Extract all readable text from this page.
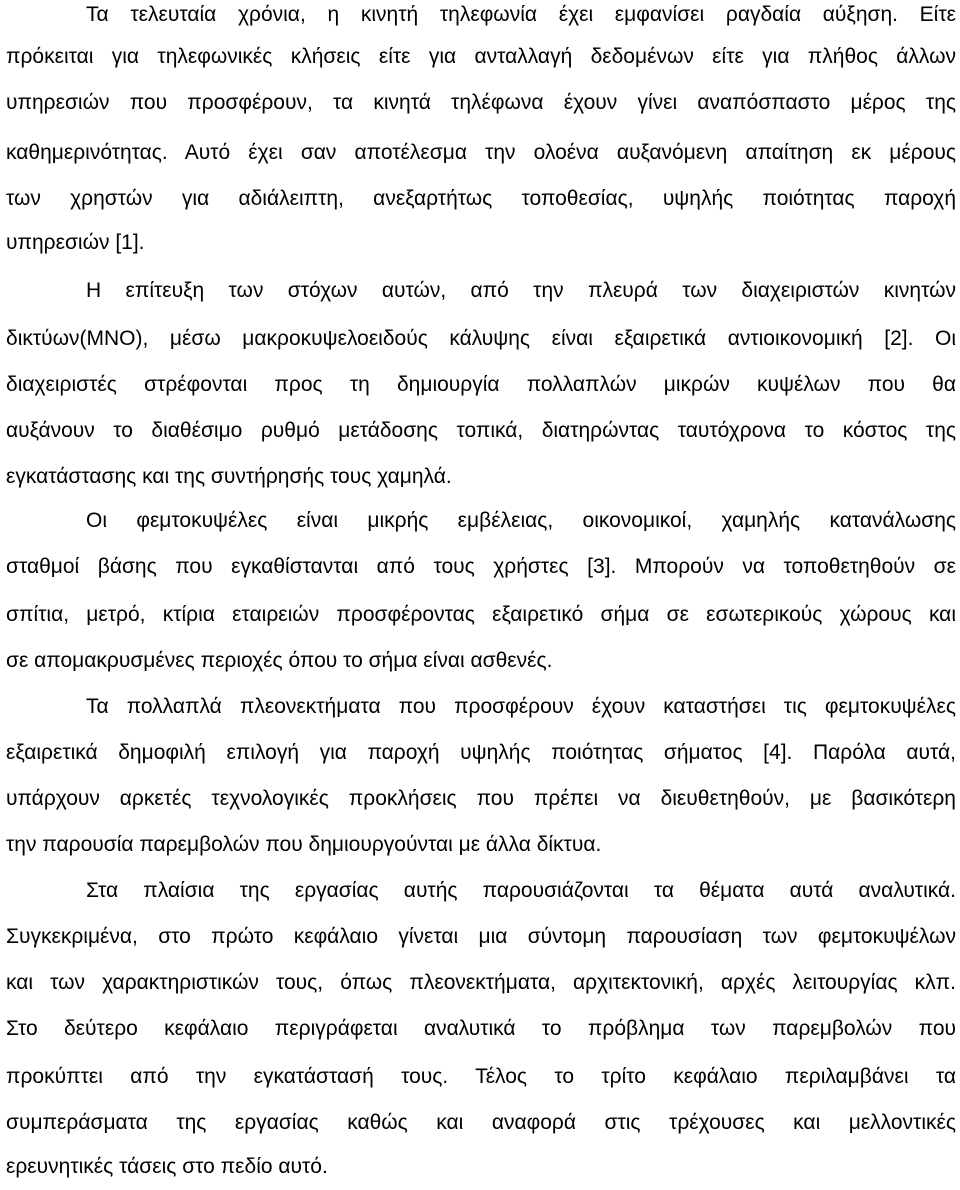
Τα τελευταία χρόνια, η κινητή τηλεφωνία έχει εμφανίσει ραγδαία αύξηση. Είτε
πρόκειται για τηλεφωνικές κλήσεις είτε για ανταλλαγή δεδομένων είτε για πλήθος άλλων
υπηρεσιών που προσφέρουν, τα κινητά τηλέφωνα έχουν γίνει αναπόσπαστο μέρος της
καθημερινότητας. Αυτό έχει σαν αποτέλεσμα την ολοένα αυξανόμενη απαίτηση εκ μέρους
των χρηστών για αδιάλειπτη, ανεξαρτήτως τοποθεσίας, υψηλής ποιότητας παροχή
υπηρεσιών [1].
Η επίτευξη των στόχων αυτών, από την πλευρά των διαχειριστών κινητών
δικτύων(MNO), μέσω μακροκυψελοειδούς κάλυψης είναι εξαιρετικά αντιοικονομική [2]. Οι
διαχειριστές στρέφονται προς τη δημιουργία πολλαπλών μικρών κυψέλων που θα
αυξάνουν το διαθέσιμο ρυθμό μετάδοσης τοπικά, διατηρώντας ταυτόχρονα το κόστος της
εγκατάστασης και της συντήρησής τους χαμηλά.
Οι φεμτοκυψέλες είναι μικρής εμβέλειας, οικονομικοί, χαμηλής κατανάλωσης
σταθμοί βάσης που εγκαθίστανται από τους χρήστες [3]. Μπορούν να τοποθετηθούν σε
σπίτια, μετρό, κτίρια εταιρειών προσφέροντας εξαιρετικό σήμα σε εσωτερικούς χώρους και
σε απομακρυσμένες περιοχές όπου το σήμα είναι ασθενές.
Τα πολλαπλά πλεονεκτήματα που προσφέρουν έχουν καταστήσει τις φεμτοκυψέλες
εξαιρετικά δημοφιλή επιλογή για παροχή υψηλής ποιότητας σήματος [4]. Παρόλα αυτά,
υπάρχουν αρκετές τεχνολογικές προκλήσεις που πρέπει να διευθετηθούν, με βασικότερη
την παρουσία παρεμβολών που δημιουργούνται με άλλα δίκτυα.
Στα πλαίσια της εργασίας αυτής παρουσιάζονται τα θέματα αυτά αναλυτικά.
Συγκεκριμένα, στο πρώτο κεφάλαιο γίνεται μια σύντομη παρουσίαση των φεμτοκυψέλων
και των χαρακτηριστικών τους, όπως πλεονεκτήματα, αρχιτεκτονική, αρχές λειτουργίας κλπ.
Στο δεύτερο κεφάλαιο περιγράφεται αναλυτικά το πρόβλημα των παρεμβολών που
προκύπτει από την εγκατάστασή τους. Τέλος το τρίτο κεφάλαιο περιλαμβάνει τα
συμπεράσματα της εργασίας καθώς και αναφορά στις τρέχουσες και μελλοντικές
ερευνητικές τάσεις στο πεδίο αυτό.
